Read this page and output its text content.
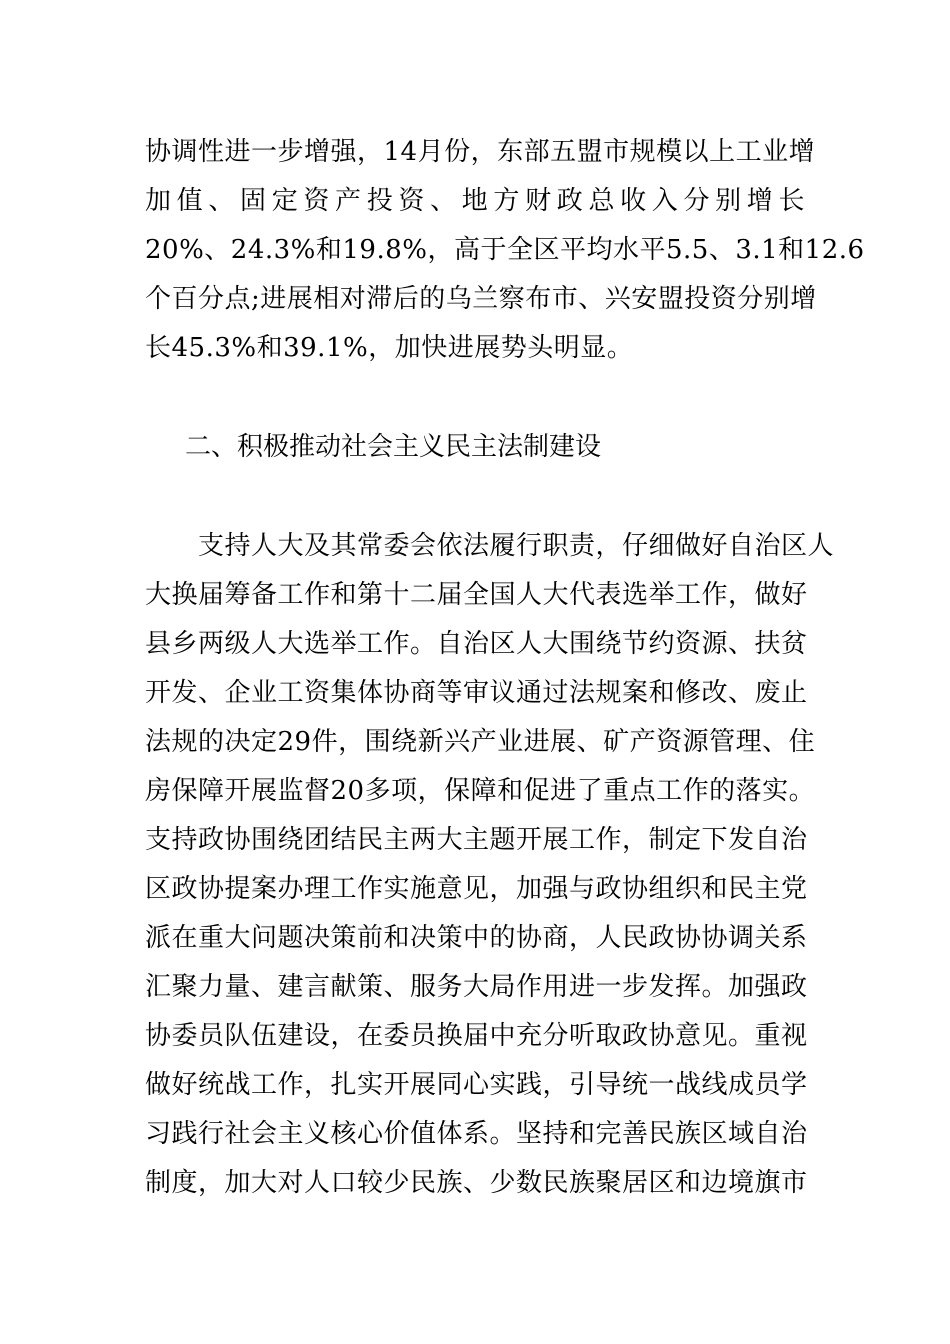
协调性进一步增强，14月份，东部五盟市规模以上工业增
加值、固定资产投资、地方财政总收入分别增长
20%、24.3%和19.8%，高于全区平均水平5.5、3.1和12.6
个百分点;进展相对滞后的乌兰察布市、兴安盟投资分别增
长45.3%和39.1%，加快进展势头明显。
二、积极推动社会主义民主法制建设
　　支持人大及其常委会依法履行职责，仔细做好自治区人
大换届筹备工作和第十二届全国人大代表选举工作，做好
县乡两级人大选举工作。自治区人大围绕节约资源、扶贫
开发、企业工资集体协商等审议通过法规案和修改、废止
法规的决定29件，围绕新兴产业进展、矿产资源管理、住
房保障开展监督20多项，保障和促进了重点工作的落实。
支持政协围绕团结民主两大主题开展工作，制定下发自治
区政协提案办理工作实施意见，加强与政协组织和民主党
派在重大问题决策前和决策中的协商，人民政协协调关系
汇聚力量、建言献策、服务大局作用进一步发挥。加强政
协委员队伍建设，在委员换届中充分听取政协意见。重视
做好统战工作，扎实开展同心实践，引导统一战线成员学
习践行社会主义核心价值体系。坚持和完善民族区域自治
制度，加大对人口较少民族、少数民族聚居区和边境旗市
